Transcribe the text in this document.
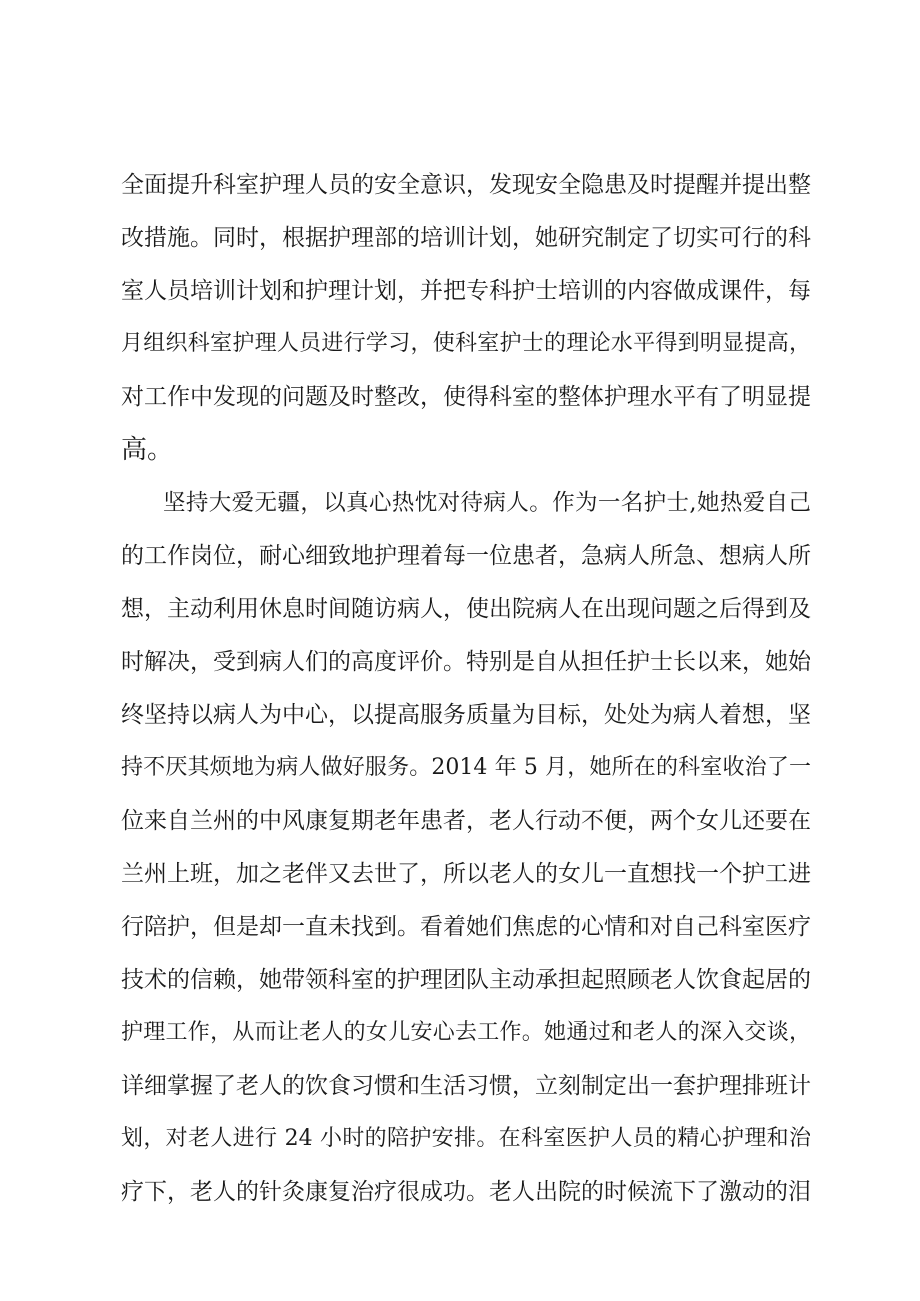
全面提升科室护理人员的安全意识，发现安全隐患及时提醒并提出整
改措施。同时，根据护理部的培训计划，她研究制定了切实可行的科
室人员培训计划和护理计划，并把专科护士培训的内容做成课件，每
月组织科室护理人员进行学习，使科室护士的理论水平得到明显提高，
对工作中发现的问题及时整改，使得科室的整体护理水平有了明显提
高。
坚持大爱无疆，以真心热忱对待病人。作为一名护士,她热爱自己
的工作岗位，耐心细致地护理着每一位患者，急病人所急、想病人所
想，主动利用休息时间随访病人，使出院病人在出现问题之后得到及
时解决，受到病人们的高度评价。特别是自从担任护士长以来，她始
终坚持以病人为中心，以提高服务质量为目标，处处为病人着想，坚
持不厌其烦地为病人做好服务。2014 年 5 月，她所在的科室收治了一
位来自兰州的中风康复期老年患者，老人行动不便，两个女儿还要在
兰州上班，加之老伴又去世了，所以老人的女儿一直想找一个护工进
行陪护，但是却一直未找到。看着她们焦虑的心情和对自己科室医疗
技术的信赖，她带领科室的护理团队主动承担起照顾老人饮食起居的
护理工作，从而让老人的女儿安心去工作。她通过和老人的深入交谈，
详细掌握了老人的饮食习惯和生活习惯，立刻制定出一套护理排班计
划，对老人进行 24 小时的陪护安排。在科室医护人员的精心护理和治
疗下，老人的针灸康复治疗很成功。老人出院的时候流下了激动的泪
